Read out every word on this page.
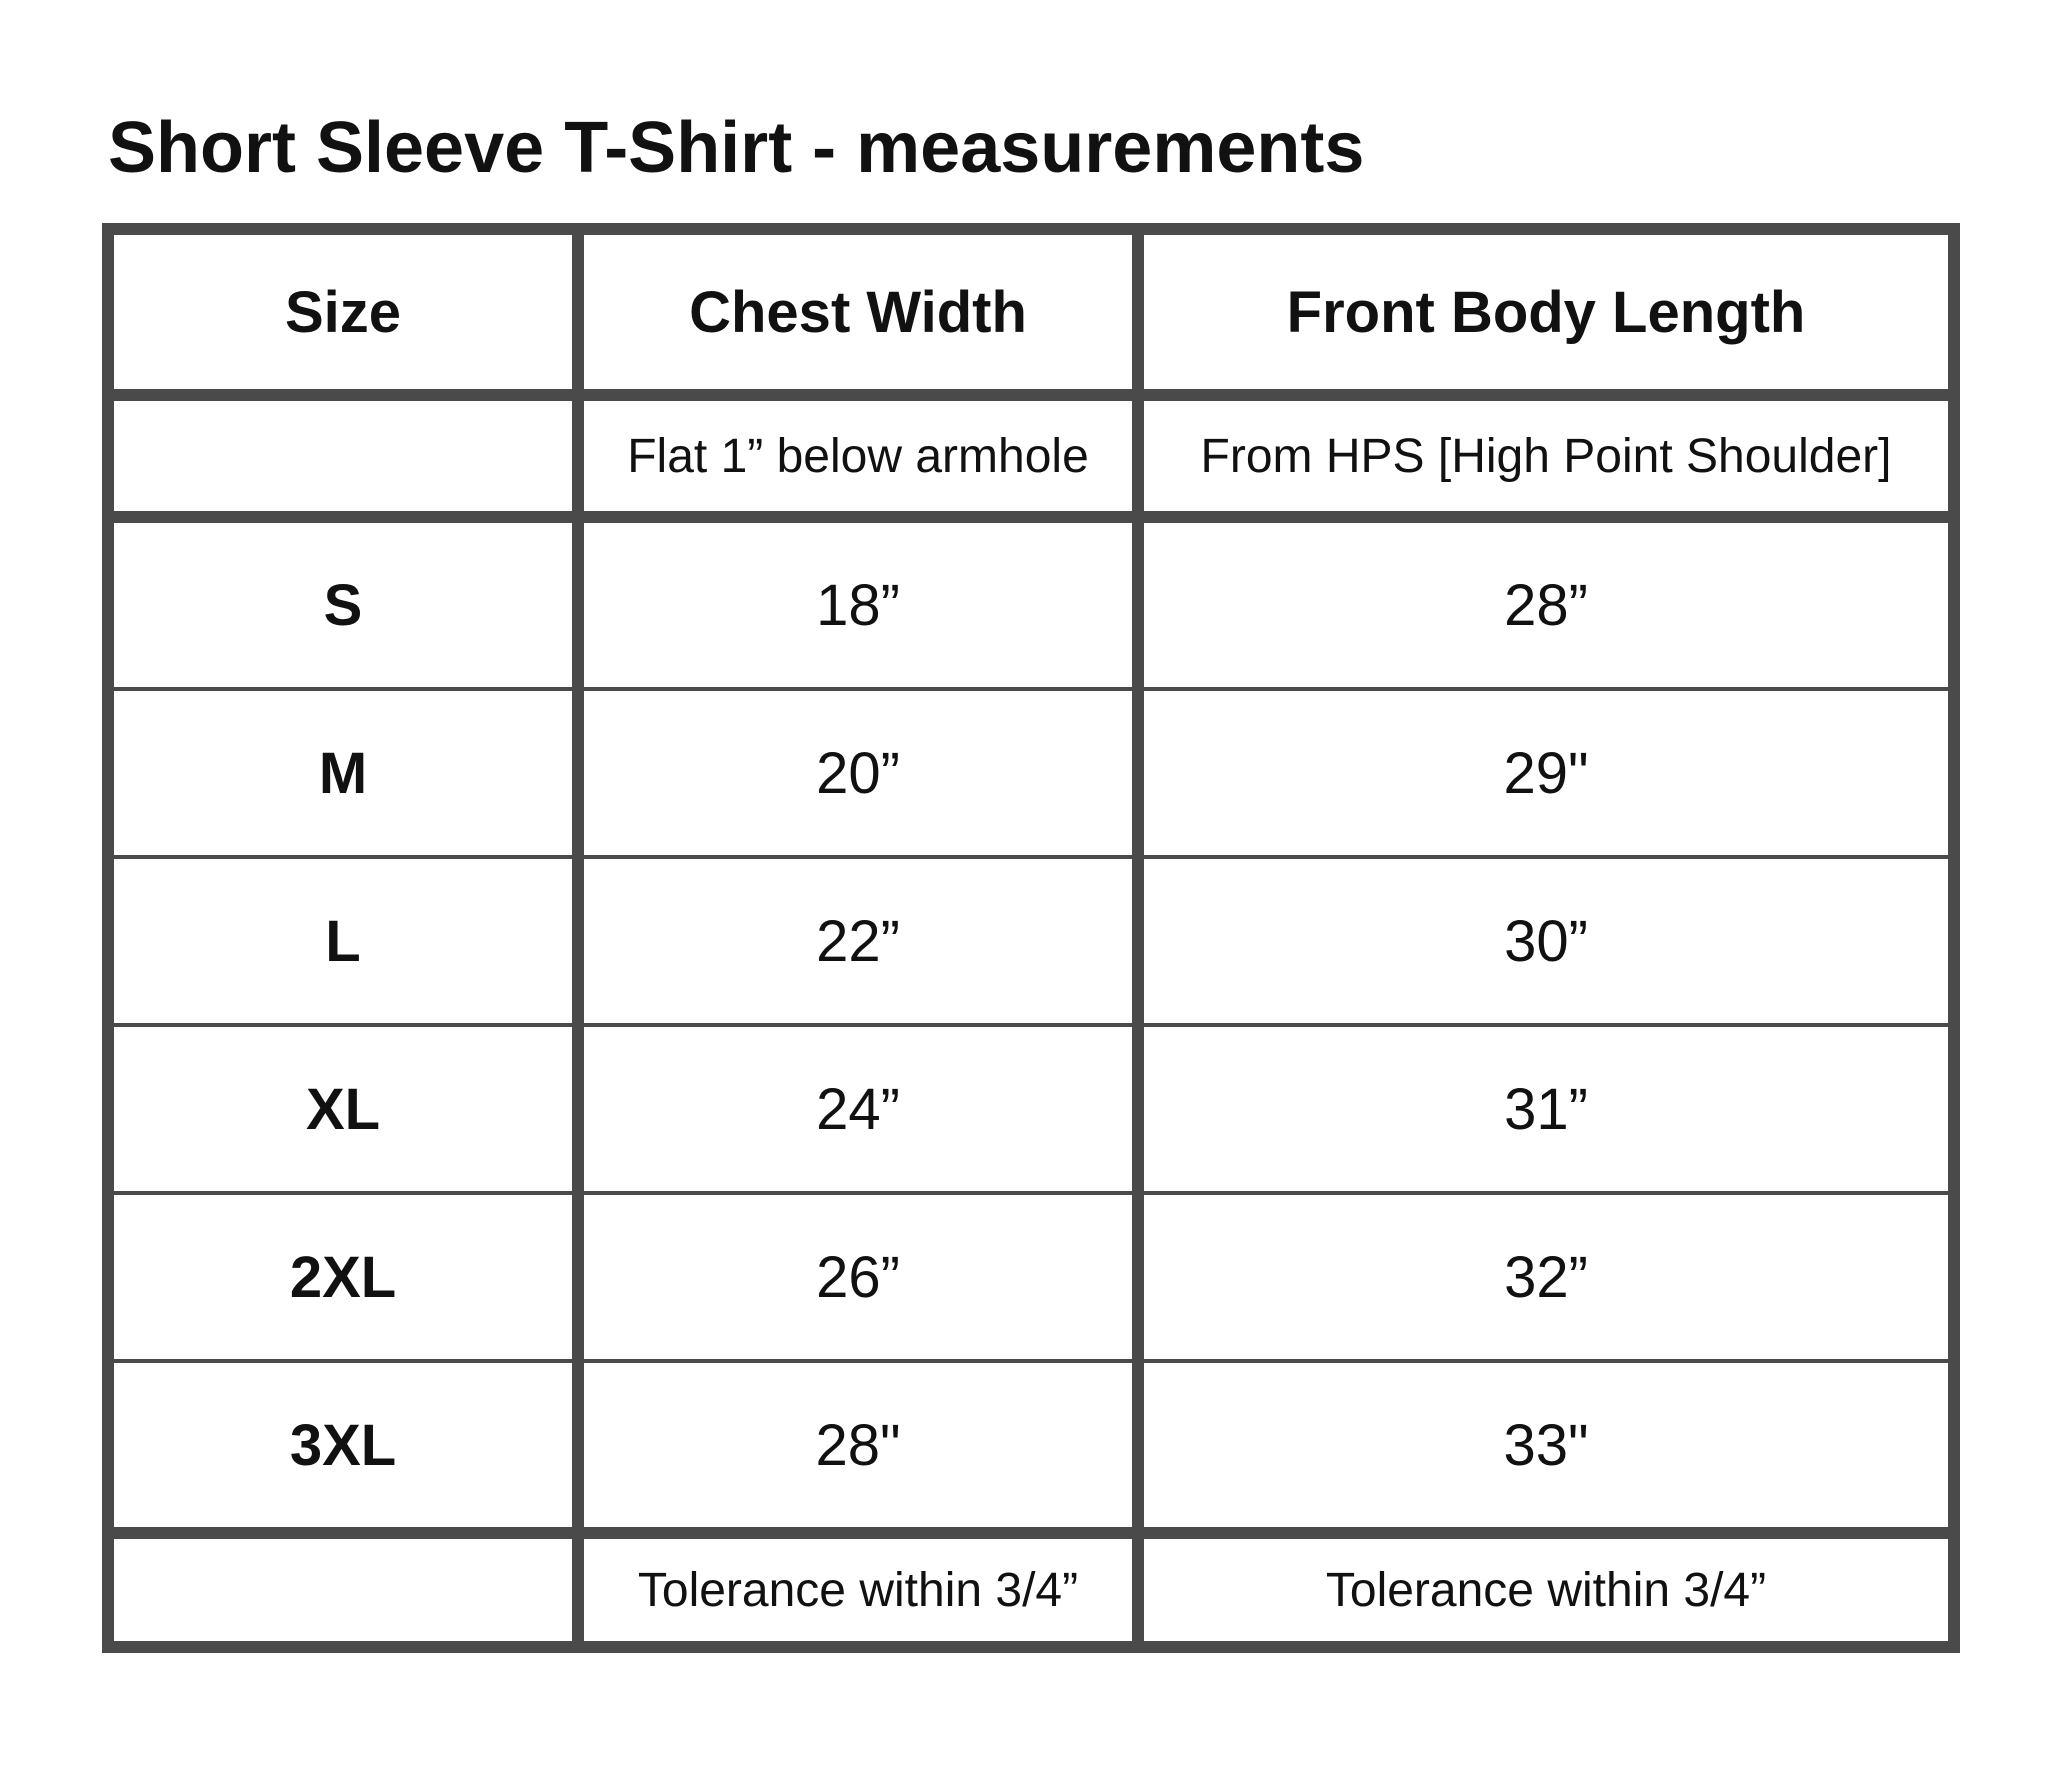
Short Sleeve T-Shirt - measurements
Size	Chest Width	Front Body Length
	Flat 1” below armhole	From HPS [High Point Shoulder]
S	18”	28”
M	20”	29"
L	22”	30”
XL	24”	31”
2XL	26”	32”
3XL	28"	33"
	Tolerance within 3/4”	Tolerance within 3/4”
